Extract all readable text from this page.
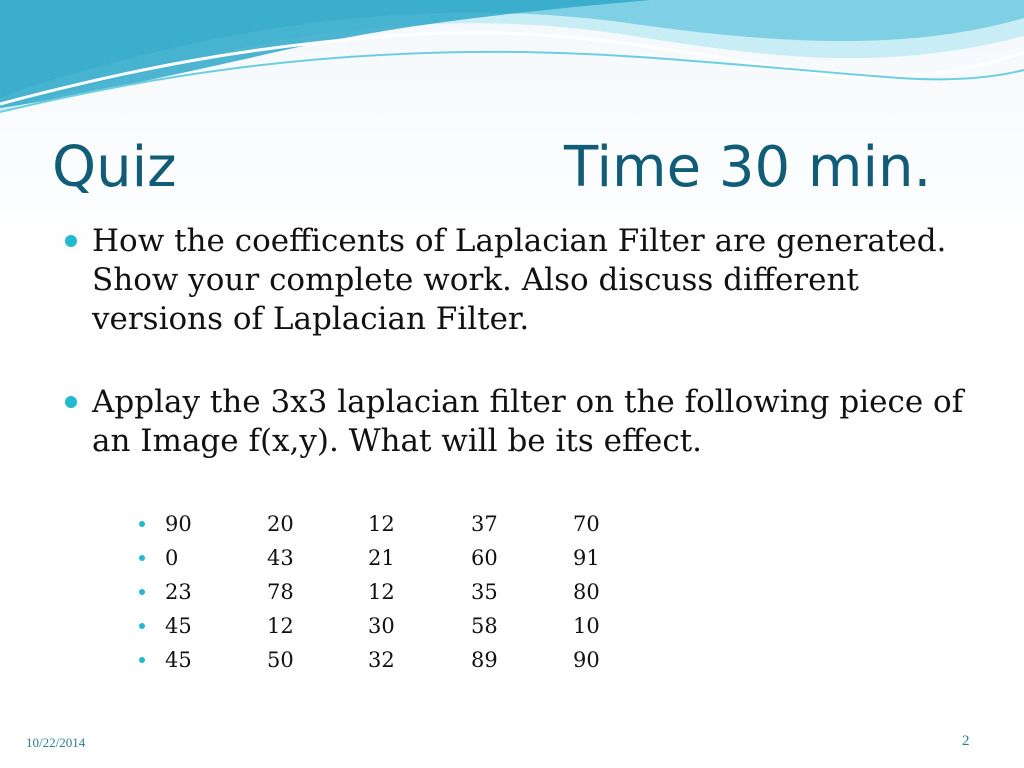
Quiz	Time 30 min.

How the coefficents of Laplacian Filter are generated. Show your complete work. Also discuss different versions of Laplacian Filter.

Applay the 3x3 laplacian filter on the following piece of an Image f(x,y). What will be its effect.

90	20	12	37	70
0	43	21	60	91
23	78	12	35	80
45	12	30	58	10
45	50	32	89	90
10/22/2014	2
